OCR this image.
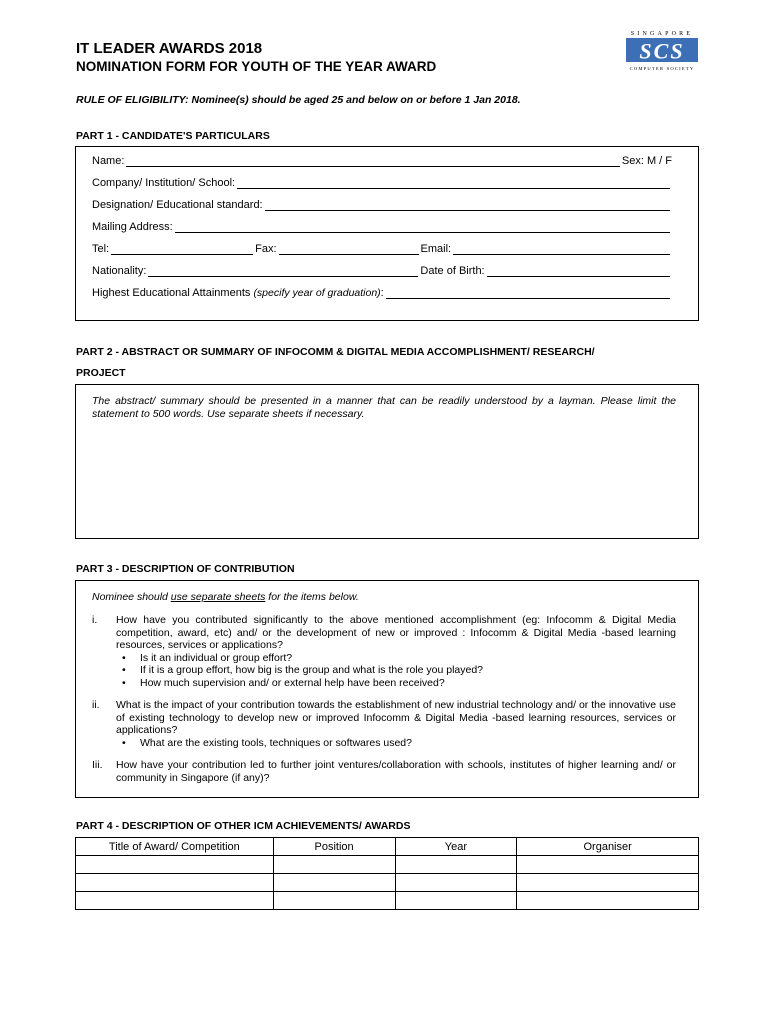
IT LEADER AWARDS 2018
NOMINATION FORM FOR YOUTH OF THE YEAR AWARD
SINGAPORE
SCS
COMPUTER SOCIETY
RULE OF ELIGIBILITY: Nominee(s) should be aged 25 and below on or before 1 Jan 2018.
PART 1 - CANDIDATE'S PARTICULARS
Name:	Sex: M / F
Company/ Institution/ School:
Designation/ Educational standard:
Mailing Address:
Tel:	Fax:	Email:
Nationality:	Date of Birth:
Highest Educational Attainments
(specify year of graduation) :
PART 2 - ABSTRACT OR SUMMARY OF INFOCOMM & DIGITAL MEDIA ACCOMPLISHMENT/ RESEARCH/
PROJECT
The abstract/ summary should be presented in a manner that can be readily understood by a layman. Please limit the statement to 500 words. Use separate sheets if necessary.
PART 3 - DESCRIPTION OF CONTRIBUTION
Nominee should use separate sheets for the items below.
i.	How have you contributed significantly to the above mentioned accomplishment (eg: Infocomm & Digital Media competition, award, etc) and/ or the development of new or improved : Infocomm & Digital Media -based learning resources, services or applications?
•	Is it an individual or group effort?
•	If it is a group effort, how big is the group and what is the role you played?
•	How much supervision and/ or external help have been received?
ii.	What is the impact of your contribution towards the establishment of new industrial technology and/ or the innovative use of existing technology to develop new or improved Infocomm & Digital Media -based learning resources, services or applications?
•	What are the existing tools, techniques or softwares used?
Iii.	How have your contribution led to further joint ventures/collaboration with schools, institutes of higher learning and/ or community in Singapore (if any)?
PART 4 - DESCRIPTION OF OTHER ICM ACHIEVEMENTS/ AWARDS
Title of Award/ Competition	Position	Year	Organiser
